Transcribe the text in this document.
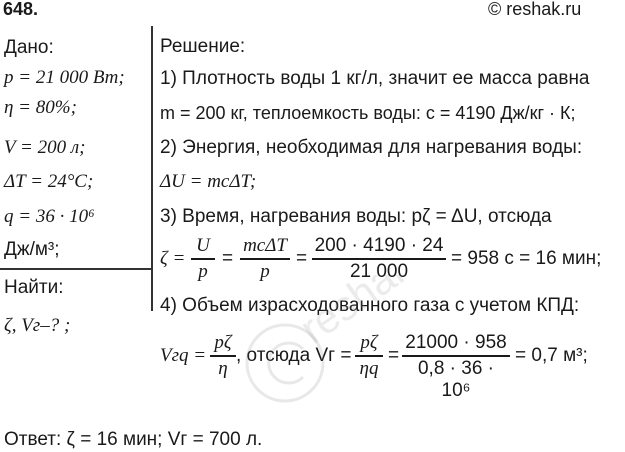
648.	© reshak.ru
Дано:
p = 21 000 Вт;
η = 80%;
V = 200 л;
ΔT = 24°C;
q = 36 · 10⁶
Дж/м³;
Найти:
ζ, Vг–? ;
Решение:
1) Плотность воды 1 кг/л, значит ее масса равна
m = 200 кг, теплоемкость воды: c = 4190 Дж/кг · К;
2) Энергия, необходимая для нагревания воды:
ΔU = mcΔT;
3) Время, нагревания воды: pζ = ΔU, отсюда
ζ =
U
p
=
mcΔT
p
=
200 · 4190 · 24
21 000
= 958 с = 16 мин;
4) Объем израсходованного газа с учетом КПД:
Vгq =
pζ
η
, отсюда Vг =
pζ
ηq
=
21000 · 958
0,8 · 36 · 10⁶
= 0,7 м³;
Ответ: ζ = 16 мин; Vг = 700 л.
reshak.ru
